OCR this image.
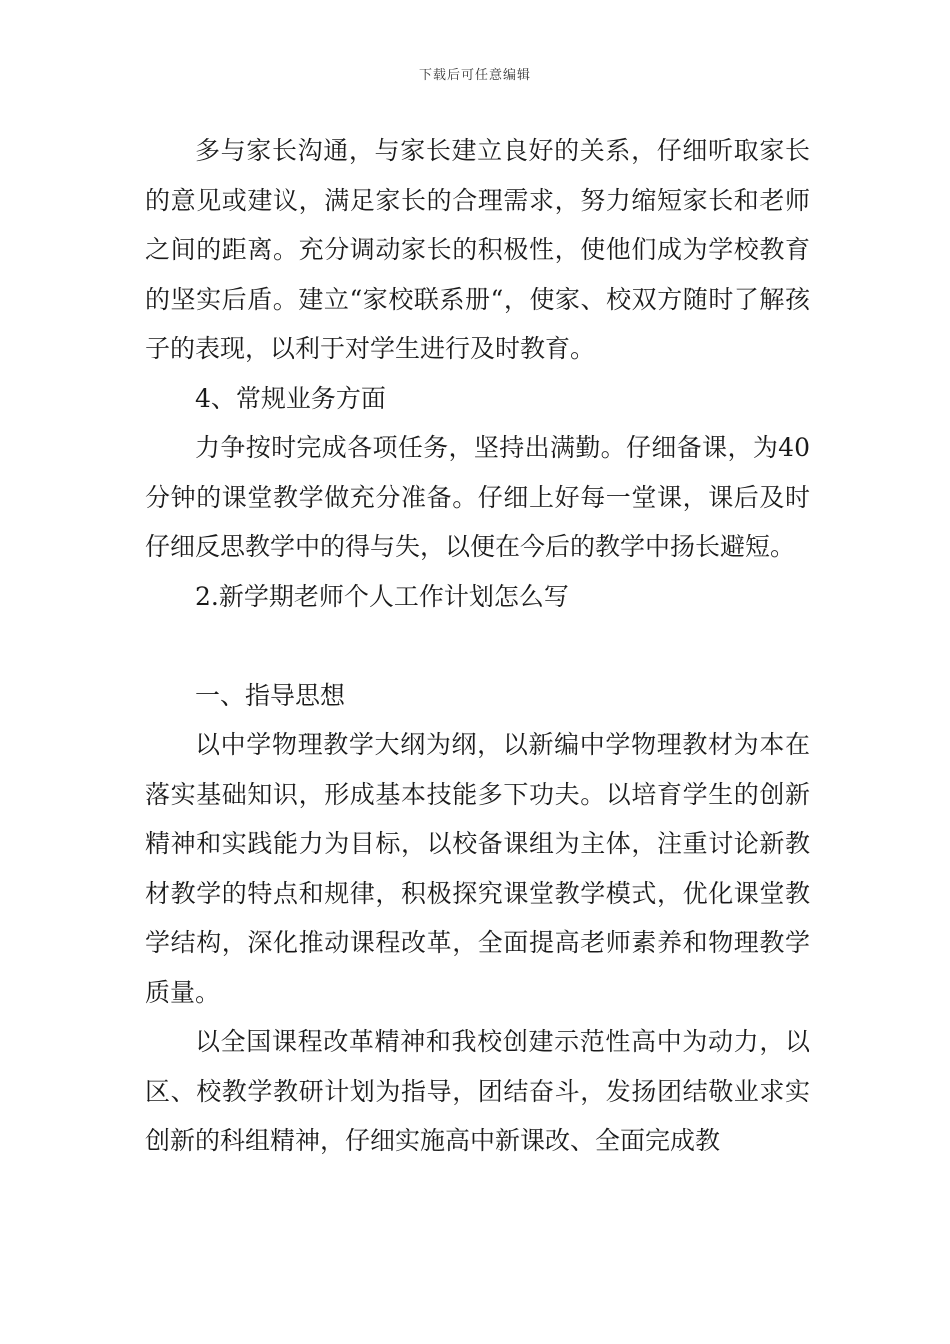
下载后可任意编辑

多与家长沟通，与家长建立良好的关系，仔细听取家长的意见或建议，满足家长的合理需求，努力缩短家长和老师之间的距离。充分调动家长的积极性，使他们成为学校教育的坚实后盾。建立“家校联系册“，使家、校双方随时了解孩子的表现，以利于对学生进行及时教育。

4、常规业务方面

力争按时完成各项任务，坚持出满勤。仔细备课，为40分钟的课堂教学做充分准备。仔细上好每一堂课，课后及时仔细反思教学中的得与失，以便在今后的教学中扬长避短。

2.新学期老师个人工作计划怎么写

一、指导思想

以中学物理教学大纲为纲，以新编中学物理教材为本在落实基础知识，形成基本技能多下功夫。以培育学生的创新精神和实践能力为目标，以校备课组为主体，注重讨论新教材教学的特点和规律，积极探究课堂教学模式，优化课堂教学结构，深化推动课程改革，全面提高老师素养和物理教学质量。

以全国课程改革精神和我校创建示范性高中为动力，以区、校教学教研计划为指导，团结奋斗，发扬团结敬业求实创新的科组精神，仔细实施高中新课改、全面完成教
